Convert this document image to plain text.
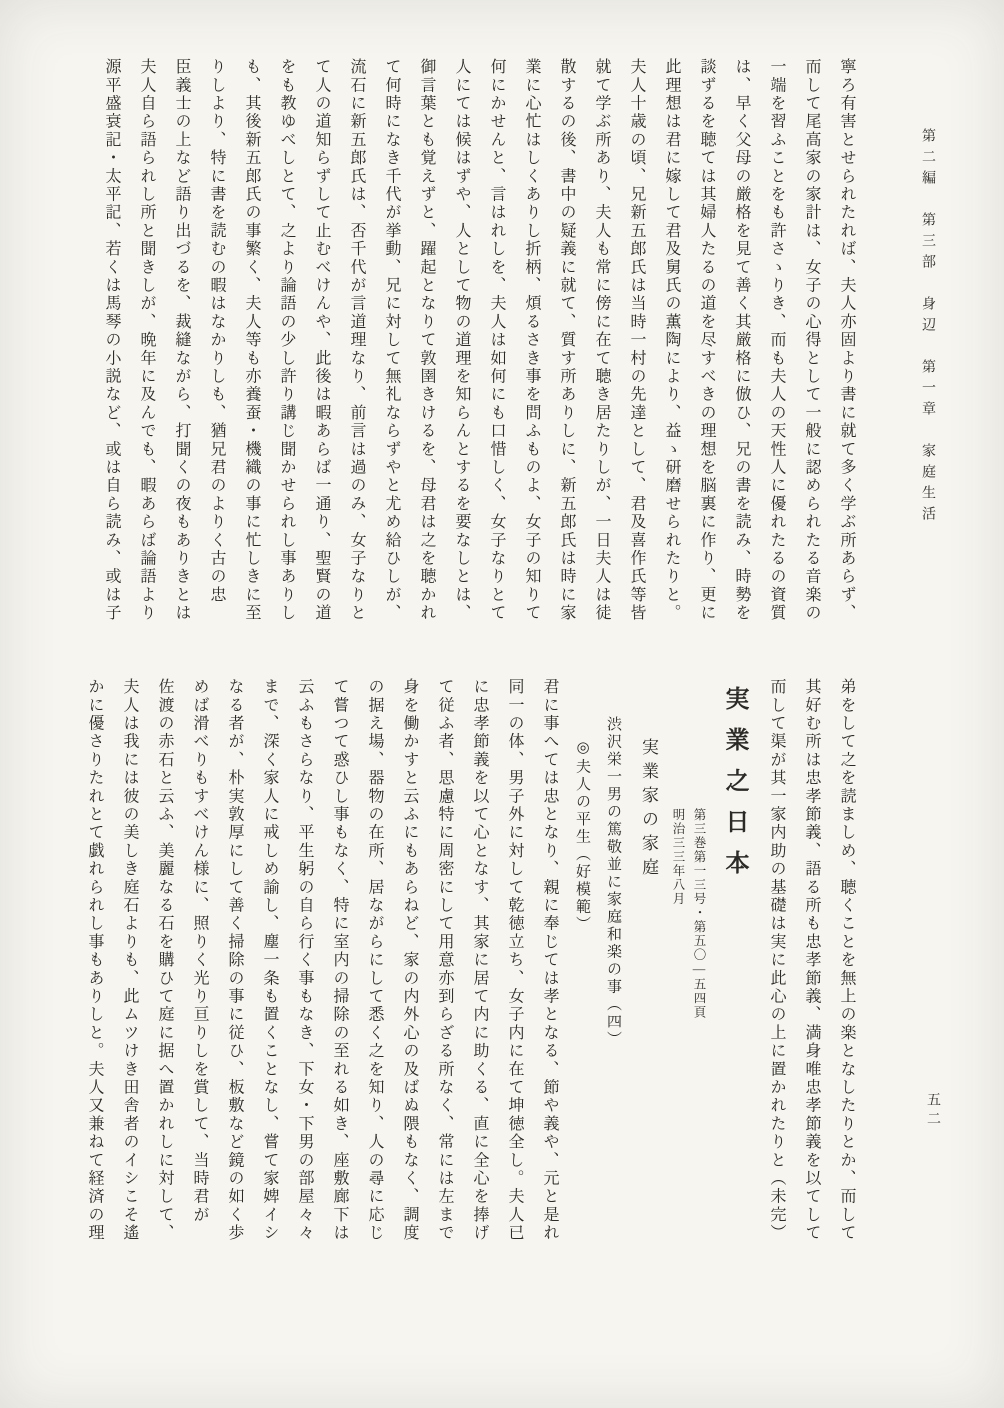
第二編　第三部　身辺　第一章　家庭生活
五二
寧ろ有害とせられたれば、夫人亦固より書に就て多く学ぶ所あらず、
而して尾高家の家計は、女子の心得として一般に認められたる音楽の
一端を習ふことをも許さゝりき、而も夫人の天性人に優れたるの資質
は、早く父母の厳格を見て善く其厳格に倣ひ、兄の書を読み、時勢を
談ずるを聴ては其婦人たるの道を尽すべきの理想を脳裏に作り、更に
此理想は君に嫁して君及舅氏の薫陶により、益ゝ研磨せられたりと。
夫人十歳の頃、兄新五郎氏は当時一村の先達として、君及喜作氏等皆
就て学ぶ所あり、夫人も常に傍に在て聴き居たりしが、一日夫人は徒
散するの後、書中の疑義に就て、質す所ありしに、新五郎氏は時に家
業に心忙はしくありし折柄、煩るさき事を問ふものよ、女子の知りて
何にかせんと、言はれしを、夫人は如何にも口惜しく、女子なりとて
人にては候はずや、人として物の道理を知らんとするを要なしとは、
御言葉とも覚えずと、躍起となりて敦圉きけるを、母君は之を聴かれ
て何時になき千代が挙動、兄に対して無礼ならずやと尤め給ひしが、
流石に新五郎氏は、否千代が言道理なり、前言は過のみ、女子なりと
て人の道知らずして止むべけんや、此後は暇あらば一通り、聖賢の道
をも教ゆべしとて、之より論語の少し許り講じ聞かせられし事ありし
も、其後新五郎氏の事繁く、夫人等も亦養蚕・機織の事に忙しきに至
りしより、特に書を読むの暇はなかりしも、猶兄君のよりく古の忠
臣義士の上など語り出づるを、裁縫ながら、打聞くの夜もありきとは
夫人自ら語られし所と聞きしが、晩年に及んでも、暇あらば論語より
源平盛衰記・太平記、若くは馬琴の小説など、或は自ら読み、或は子
弟をして之を読ましめ、聴くことを無上の楽となしたりとか、而して
其好む所は忠孝節義、語る所も忠孝節義、満身唯忠孝節義を以てして
而して渠が其一家内助の基礎は実に此心の上に置かれたりと（未完）
実業之日本
第三巻第一三号・第五〇—五四頁
明治三三年八月
実業家の家庭
渋沢栄一男の篤敬並に家庭和楽の事（四）
◎夫人の平生（好模範）
君に事へては忠となり、親に奉じては孝となる、節や義や、元と是れ
同一の体、男子外に対して乾徳立ち、女子内に在て坤徳全し。夫人已
に忠孝節義を以て心となす、其家に居て内に助くる、直に全心を捧げ
て従ふ者、思慮特に周密にして用意亦到らざる所なく、常には左まで
身を働かすと云ふにもあらねど、家の内外心の及ばぬ隈もなく、調度
の据え場、器物の在所、居ながらにして悉く之を知り、人の尋に応じ
て嘗つて惑ひし事もなく、特に室内の掃除の至れる如き、座敷廊下は
云ふもさらなり、平生躬の自ら行く事もなき、下女・下男の部屋々々
まで、深く家人に戒しめ諭し、塵一条も置くことなし、嘗て家婢イシ
なる者が、朴実敦厚にして善く掃除の事に従ひ、板敷など鏡の如く歩
めば滑べりもすべけん様に、照りく光り亘りしを賞して、当時君が
佐渡の赤石と云ふ、美麗なる石を購ひて庭に据へ置かれしに対して、
夫人は我には彼の美しき庭石よりも、此ムツけき田舎者のイシこそ遙
かに優さりたれとて戯れられし事もありしと。夫人又兼ねて経済の理
